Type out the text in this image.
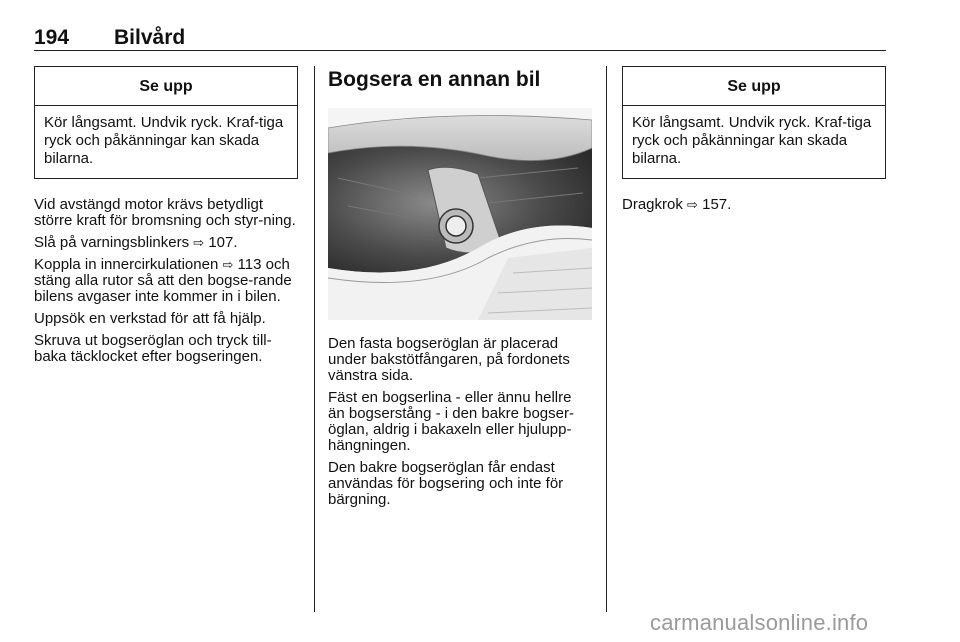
194 Bilvård
Se upp
Kör långsamt. Undvik ryck. Kraf-tiga ryck och påkänningar kan skada bilarna.

Vid avstängd motor krävs betydligt större kraft för bromsning och styr-ning.

Slå på varningsblinkers ⇨ 107.

Koppla in innercirkulationen ⇨ 113 och stäng alla rutor så att den bogse-rande bilens avgaser inte kommer in i bilen.

Uppsök en verkstad för att få hjälp.

Skruva ut bogseröglan och tryck till-baka täcklocket efter bogseringen.

Bogsera en annan bil

Den fasta bogseröglan är placerad under bakstötfångaren, på fordonets vänstra sida.

Fäst en bogserlina - eller ännu hellre än bogserstång - i den bakre bogser-öglan, aldrig i bakaxeln eller hjulupp-hängningen.

Den bakre bogseröglan får endast användas för bogsering och inte för bärgning.

Se upp
Kör långsamt. Undvik ryck. Kraf-tiga ryck och påkänningar kan skada bilarna.

Dragkrok ⇨ 157.

carmanualsonline.info
